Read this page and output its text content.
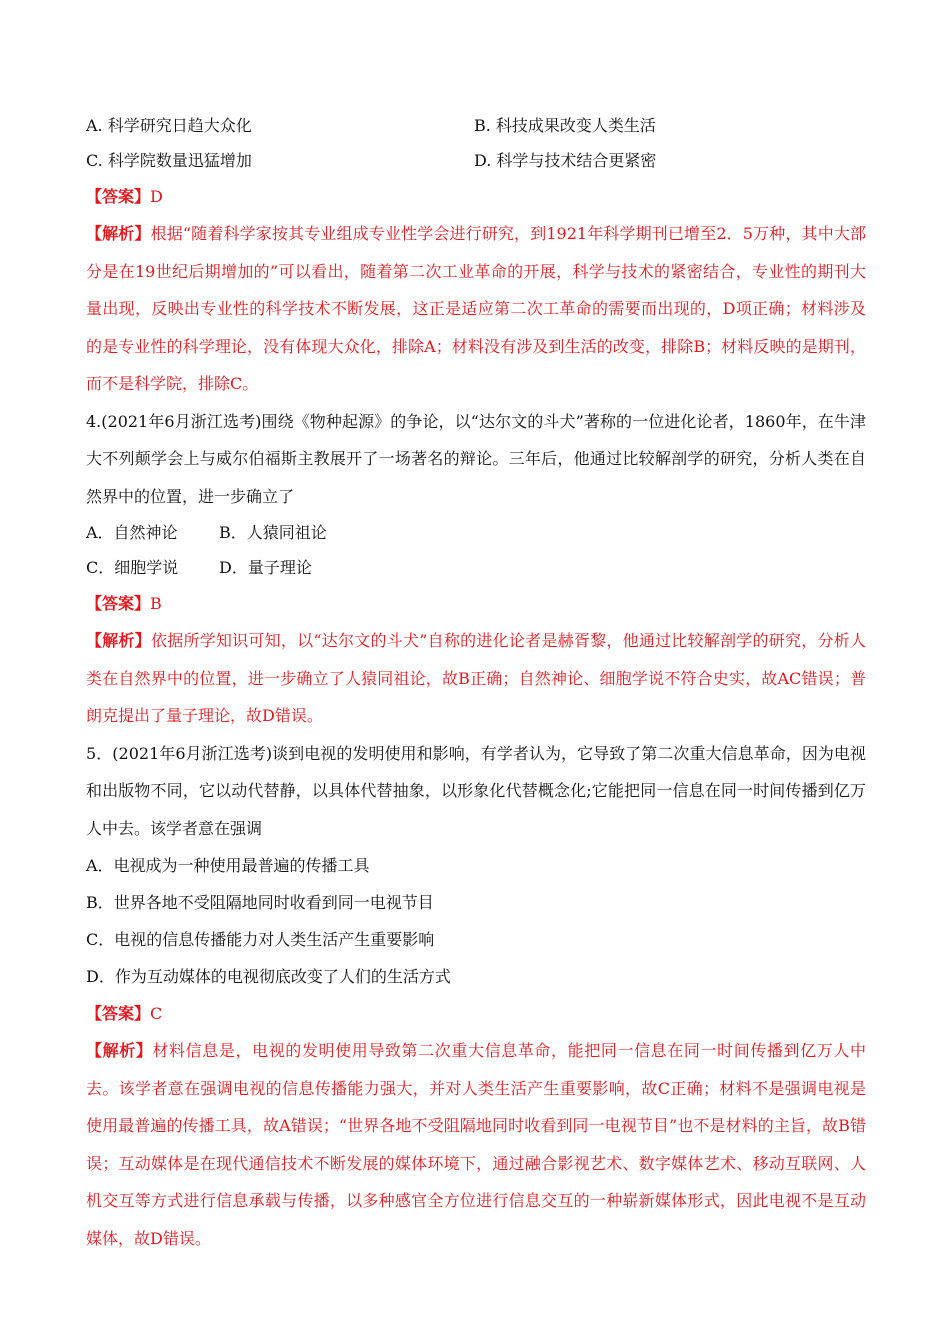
A. 科学研究日趋大众化	B. 科技成果改变人类生活
C. 科学院数量迅猛增加	D. 科学与技术结合更紧密
【答案】D
【解析】根据“随着科学家按其专业组成专业性学会进行研究，到1921年科学期刊已增至2．5万种，其中大部分是在19世纪后期增加的”可以看出，随着第二次工业革命的开展，科学与技术的紧密结合，专业性的期刊大量出现，反映出专业性的科学技术不断发展，这正是适应第二次工革命的需要而出现的，D项正确；材料涉及的是专业性的科学理论，没有体现大众化，排除A；材料没有涉及到生活的改变，排除B；材料反映的是期刊，而不是科学院，排除C。
4.(2021年6月浙江选考)围绕《物种起源》的争论，以“达尔文的斗犬”著称的一位进化论者，1860年，在牛津大不列颠学会上与威尔伯福斯主教展开了一场著名的辩论。三年后，他通过比较解剖学的研究，分析人类在自然界中的位置，进一步确立了
A．自然神论	B．人猿同祖论
C．细胞学说	D．量子理论
【答案】B
【解析】依据所学知识可知，以“达尔文的斗犬”自称的进化论者是赫胥黎，他通过比较解剖学的研究，分析人类在自然界中的位置，进一步确立了人猿同祖论，故B正确；自然神论、细胞学说不符合史实，故AC错误；普朗克提出了量子理论，故D错误。
5．(2021年6月浙江选考)谈到电视的发明使用和影响，有学者认为，它导致了第二次重大信息革命，因为电视和出版物不同，它以动代替静，以具体代替抽象，以形象化代替概念化;它能把同一信息在同一时间传播到亿万人中去。该学者意在强调
A．电视成为一种使用最普遍的传播工具
B．世界各地不受阻隔地同时收看到同一电视节目
C．电视的信息传播能力对人类生活产生重要影响
D．作为互动媒体的电视彻底改变了人们的生活方式
【答案】C
【解析】材料信息是，电视的发明使用导致第二次重大信息革命，能把同一信息在同一时间传播到亿万人中去。该学者意在强调电视的信息传播能力强大，并对人类生活产生重要影响，故C正确；材料不是强调电视是使用最普遍的传播工具，故A错误；“世界各地不受阻隔地同时收看到同一电视节目”也不是材料的主旨，故B错误；互动媒体是在现代通信技术不断发展的媒体环境下，通过融合影视艺术、数字媒体艺术、移动互联网、人机交互等方式进行信息承载与传播，以多种感官全方位进行信息交互的一种崭新媒体形式，因此电视不是互动媒体，故D错误。
